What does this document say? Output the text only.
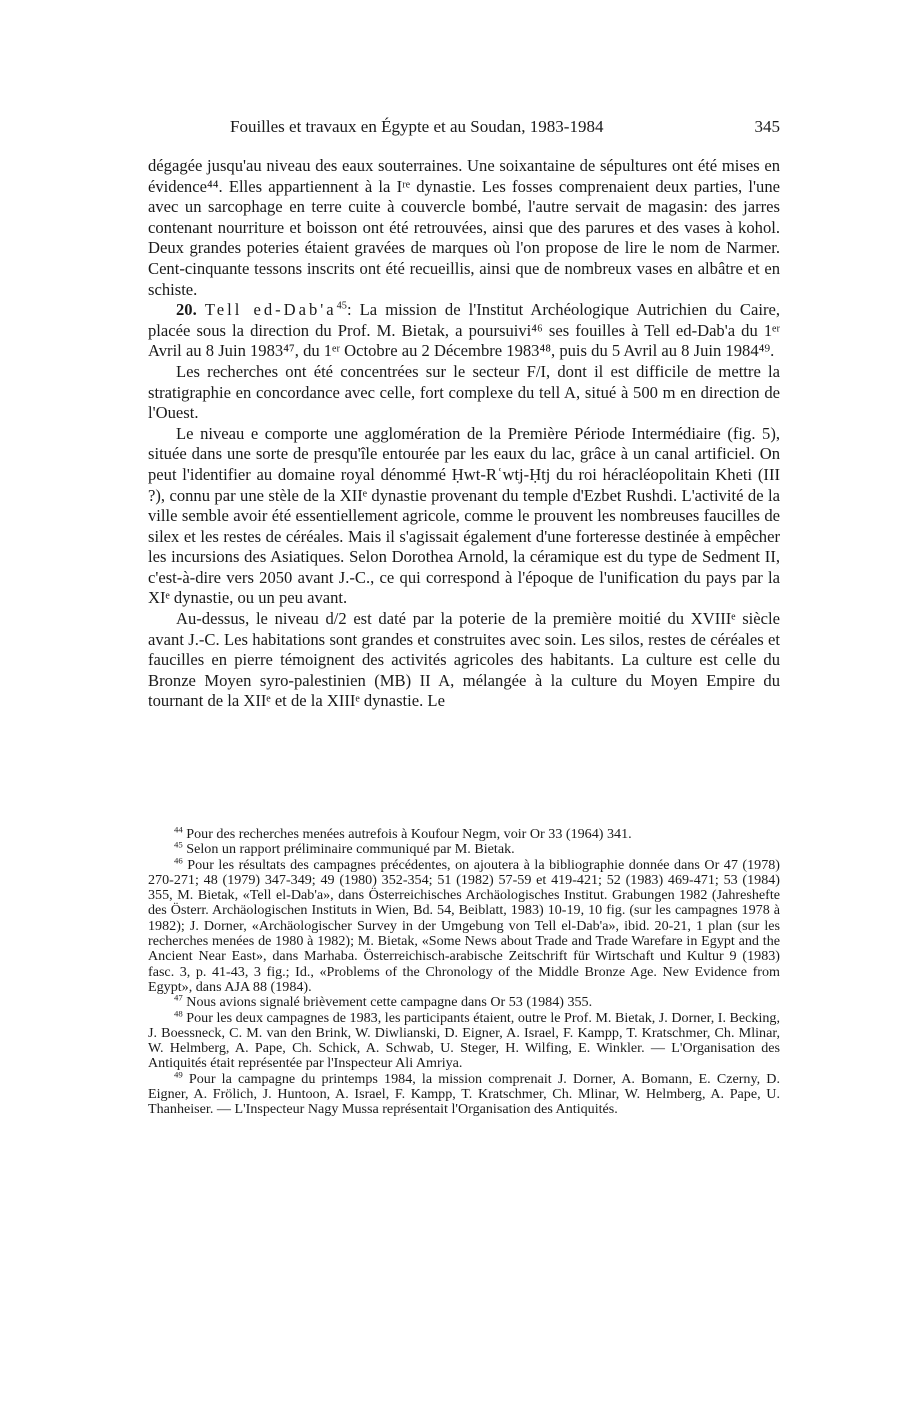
Fouilles et travaux en Égypte et au Soudan, 1983-1984	345

dégagée jusqu'au niveau des eaux souterraines. Une soixantaine de sépultures ont été mises en évidence⁴⁴. Elles appartiennent à la Iʳᵉ dynastie. Les fosses comprenaient deux parties, l'une avec un sarcophage en terre cuite à couvercle bombé, l'autre servait de magasin: des jarres contenant nourriture et boisson ont été retrouvées, ainsi que des parures et des vases à kohol. Deux grandes poteries étaient gravées de marques où l'on propose de lire le nom de Narmer. Cent-cinquante tessons inscrits ont été recueillis, ainsi que de nombreux vases en albâtre et en schiste.

20. Tell ed-Dab'a$^{45}$: La mission de l'Institut Archéologique Autrichien du Caire, placée sous la direction du Prof. M. Bietak, a poursuivi⁴⁶ ses fouilles à Tell ed-Dab'a du 1ᵉʳ Avril au 8 Juin 1983⁴⁷, du 1ᵉʳ Octobre au 2 Décembre 1983⁴⁸, puis du 5 Avril au 8 Juin 1984⁴⁹.

Les recherches ont été concentrées sur le secteur F/I, dont il est difficile de mettre la stratigraphie en concordance avec celle, fort complexe du tell A, situé à 500 m en direction de l'Ouest.

Le niveau e comporte une agglomération de la Première Période Intermédiaire (fig. 5), située dans une sorte de presqu'île entourée par les eaux du lac, grâce à un canal artificiel. On peut l'identifier au domaine royal dénommé Ḥwt-Rʿwtj-Ḥtj du roi héracléopolitain Kheti (III ?), connu par une stèle de la XIIᵉ dynastie provenant du temple d'Ezbet Rushdi. L'activité de la ville semble avoir été essentiellement agricole, comme le prouvent les nombreuses faucilles de silex et les restes de céréales. Mais il s'agissait également d'une forteresse destinée à empêcher les incursions des Asiatiques. Selon Dorothea Arnold, la céramique est du type de Sedment II, c'est-à-dire vers 2050 avant J.-C., ce qui correspond à l'époque de l'unification du pays par la XIᵉ dynastie, ou un peu avant.

Au-dessus, le niveau d/2 est daté par la poterie de la première moitié du XVIIIᵉ siècle avant J.-C. Les habitations sont grandes et construites avec soin. Les silos, restes de céréales et faucilles en pierre témoignent des activités agricoles des habitants. La culture est celle du Bronze Moyen syro-palestinien (MB) II A, mélangée à la culture du Moyen Empire du tournant de la XIIᵉ et de la XIIIᵉ dynastie. Le

$^{44}$ Pour des recherches menées autrefois à Koufour Negm, voir Or 33 (1964) 341.

$^{45}$ Selon un rapport préliminaire communiqué par M. Bietak.

$^{46}$ Pour les résultats des campagnes précédentes, on ajoutera à la bibliographie donnée dans Or 47 (1978) 270-271; 48 (1979) 347-349; 49 (1980) 352-354; 51 (1982) 57-59 et 419-421; 52 (1983) 469-471; 53 (1984) 355, M. Bietak, «Tell el-Dab'a», dans Österreichisches Archäologisches Institut. Grabungen 1982 (Jahreshefte des Österr. Archäologischen Instituts in Wien, Bd. 54, Beiblatt, 1983) 10-19, 10 fig. (sur les campagnes 1978 à 1982); J. Dorner, «Archäologischer Survey in der Umgebung von Tell el-Dab'a», ibid. 20-21, 1 plan (sur les recherches menées de 1980 à 1982); M. Bietak, «Some News about Trade and Trade Warefare in Egypt and the Ancient Near East», dans Marhaba. Österreichisch-arabische Zeitschrift für Wirtschaft und Kultur 9 (1983) fasc. 3, p. 41-43, 3 fig.; Id., «Problems of the Chronology of the Middle Bronze Age. New Evidence from Egypt», dans AJA 88 (1984).

$^{47}$ Nous avions signalé brièvement cette campagne dans Or 53 (1984) 355.

$^{48}$ Pour les deux campagnes de 1983, les participants étaient, outre le Prof. M. Bietak, J. Dorner, I. Becking, J. Boessneck, C. M. van den Brink, W. Diwlianski, D. Eigner, A. Israel, F. Kampp, T. Kratschmer, Ch. Mlinar, W. Helmberg, A. Pape, Ch. Schick, A. Schwab, U. Steger, H. Wilfing, E. Winkler. — L'Organisation des Antiquités était représentée par l'Inspecteur Ali Amriya.

$^{49}$ Pour la campagne du printemps 1984, la mission comprenait J. Dorner, A. Bomann, E. Czerny, D. Eigner, A. Frölich, J. Huntoon, A. Israel, F. Kampp, T. Kratschmer, Ch. Mlinar, W. Helmberg, A. Pape, U. Thanheiser. — L'Inspecteur Nagy Mussa représentait l'Organisation des Antiquités.
